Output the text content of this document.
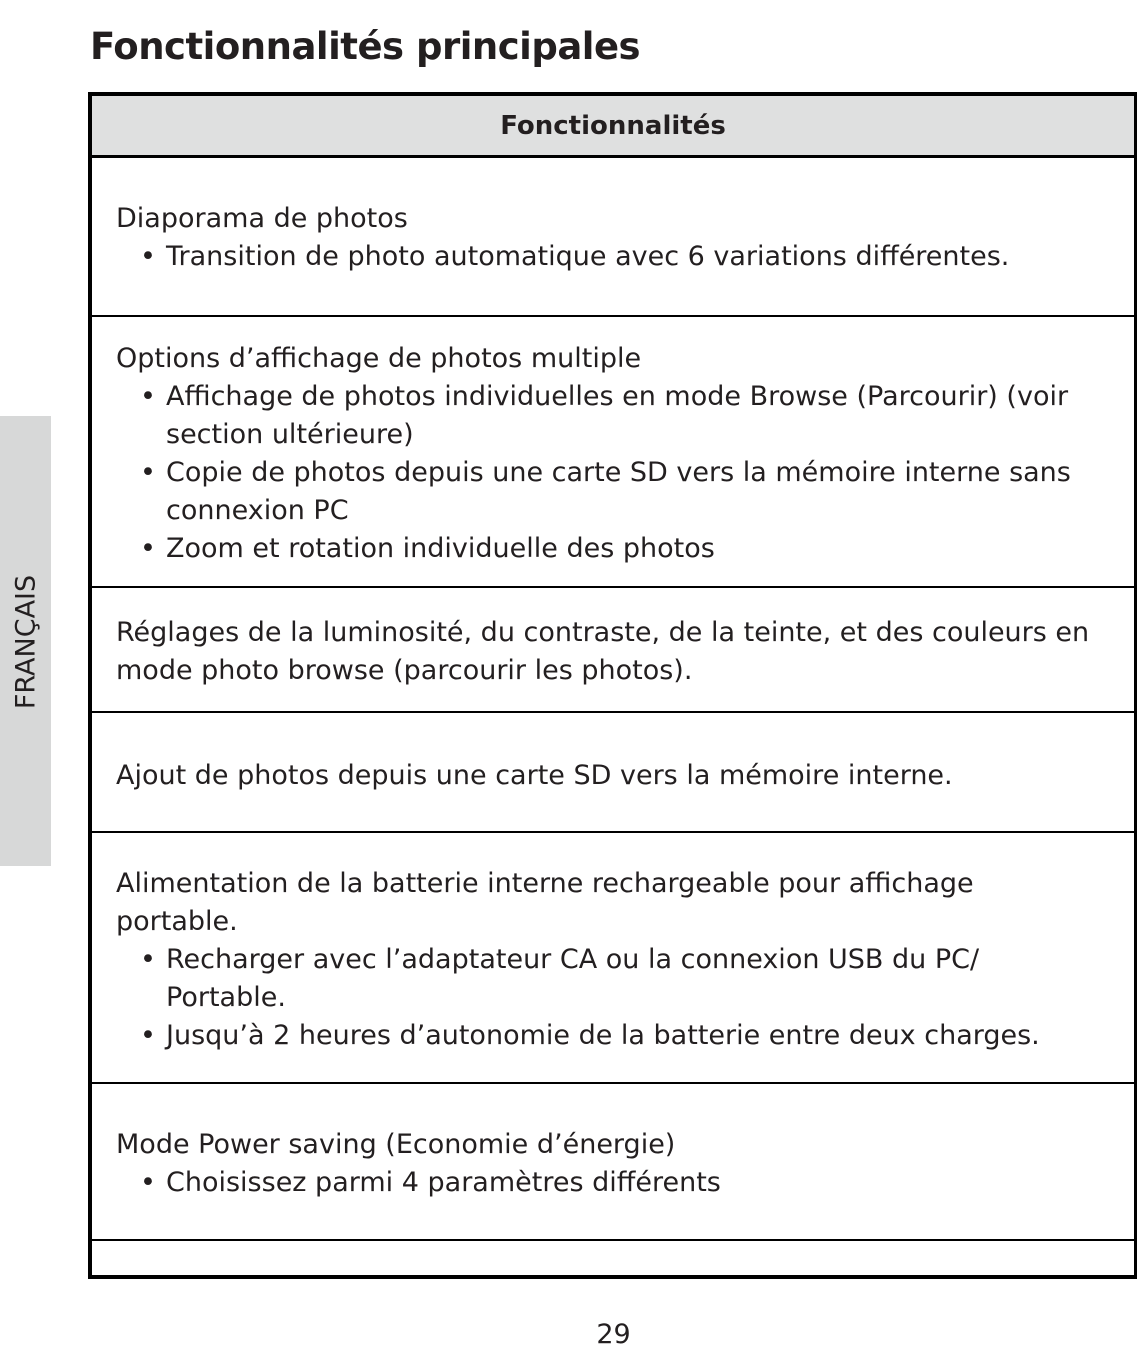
Fonctionnalités principales
FRANÇAIS
Fonctionnalités

Diaporama de photos

• Transition de photo automatique avec 6 variations différentes.

Options d’affichage de photos multiple

• Affichage de photos individuelles en mode Browse (Parcourir) (voir section ultérieure)
• Copie de photos depuis une carte SD vers la mémoire interne sans connexion PC
• Zoom et rotation individuelle des photos

Réglages de la luminosité, du contraste, de la teinte, et des couleurs en mode photo browse (parcourir les photos).

Ajout de photos depuis une carte SD vers la mémoire interne.

Alimentation de la batterie interne rechargeable pour affichage portable.

• Recharger avec l’adaptateur CA ou la connexion USB du PC/ Portable.
• Jusqu’à 2 heures d’autonomie de la batterie entre deux charges.

Mode Power saving (Economie d’énergie)

• Choisissez parmi 4 paramètres différents
29
